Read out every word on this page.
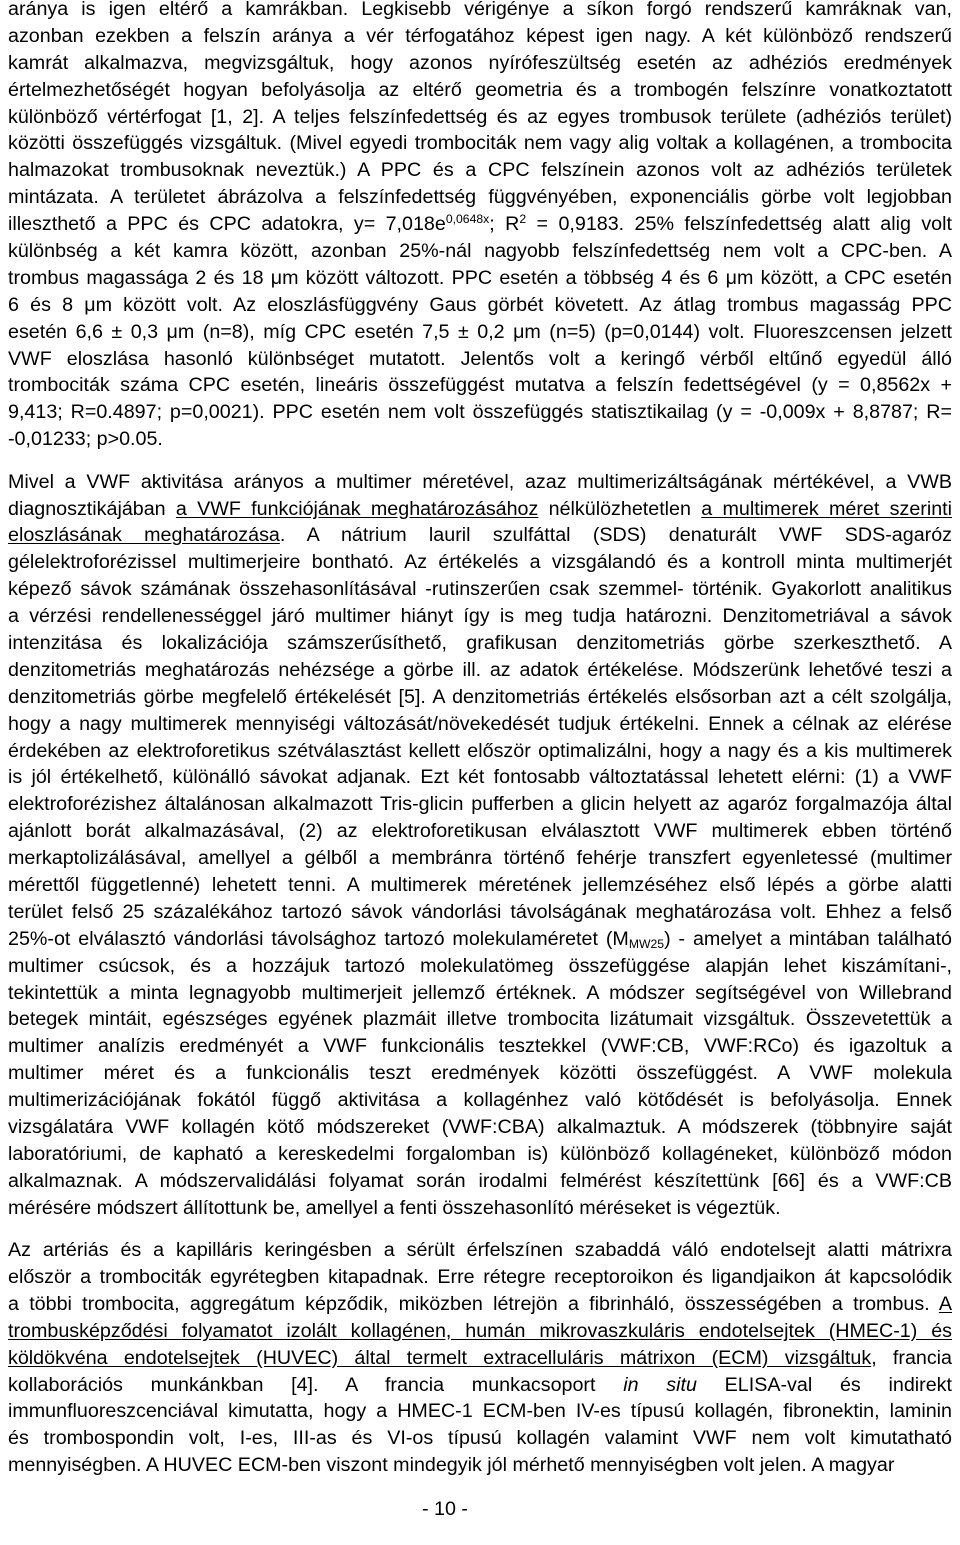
aránya is igen eltérő a kamrákban. Legkisebb vérigénye a síkon forgó rendszerű kamráknak van,
azonban ezekben a felszín aránya a vér térfogatához képest igen nagy. A két különböző rendszerű
kamrát alkalmazva, megvizsgáltuk, hogy azonos nyírófeszültség esetén az adhéziós eredmények
értelmezhetőségét hogyan befolyásolja az eltérő geometria és a trombogén felszínre vonatkoztatott
különböző vértérfogat [1, 2]. A teljes felszínfedettség és az egyes trombusok területe (adhéziós terület)
közötti összefüggés vizsgáltuk. (Mivel egyedi trombociták nem vagy alig voltak a kollagénen, a trombocita
halmazokat trombusoknak neveztük.) A PPC és a CPC felszínein azonos volt az adhéziós területek
mintázata. A területet ábrázolva a felszínfedettség függvényében, exponenciális görbe volt legjobban
illeszthető a PPC és CPC adatokra, $y= 7,018e^{0,0648x}$; $R^2 = 0,9183$. 25% felszínfedettség alatt alig volt
különbség a két kamra között, azonban 25%-nál nagyobb felszínfedettség nem volt a CPC-ben. A
trombus magassága 2 és 18 μm között változott. PPC esetén a többség 4 és 6 μm között, a CPC esetén
6 és 8 μm között volt. Az eloszlásfüggvény Gaus görbét követett. Az átlag trombus magasság PPC
esetén 6,6 ± 0,3 μm (n=8), míg CPC esetén 7,5 ± 0,2 μm (n=5) (p=0,0144) volt. Fluoreszcensen jelzett
VWF eloszlása hasonló különbséget mutatott. Jelentős volt a keringő vérből eltűnő egyedül álló
trombociták száma CPC esetén, lineáris összefüggést mutatva a felszín fedettségével (y = 0,8562x +
9,413; R=0.4897; p=0,0021). PPC esetén nem volt összefüggés statisztikailag (y = -0,009x + 8,8787; R=
-0,01233; p>0.05.
Mivel a VWF aktivitása arányos a multimer méretével, azaz multimerizáltságának mértékével, a VWB
diagnosztikájában a VWF funkciójának meghatározásához nélkülözhetetlen a multimerek méret szerinti
eloszlásának meghatározása. A nátrium lauril szulfáttal (SDS) denaturált VWF SDS-agaróz
gélelektroforézissel multimerjeire bontható. Az értékelés a vizsgálandó és a kontroll minta multimerjét
képező sávok számának összehasonlításával -rutinszerűen csak szemmel- történik. Gyakorlott analitikus
a vérzési rendellenességgel járó multimer hiányt így is meg tudja határozni. Denzitometriával a sávok
intenzitása és lokalizációja számszerűsíthető, grafikusan denzitometriás görbe szerkeszthető. A
denzitometriás meghatározás nehézsége a görbe ill. az adatok értékelése. Módszerünk lehetővé teszi a
denzitometriás görbe megfelelő értékelését [5]. A denzitometriás értékelés elsősorban azt a célt szolgálja,
hogy a nagy multimerek mennyiségi változását/növekedését tudjuk értékelni. Ennek a célnak az elérése
érdekében az elektroforetikus szétválasztást kellett először optimalizálni, hogy a nagy és a kis multimerek
is jól értékelhető, különálló sávokat adjanak. Ezt két fontosabb változtatással lehetett elérni: (1) a VWF
elektroforézishez általánosan alkalmazott Tris-glicin pufferben a glicin helyett az agaróz forgalmazója által
ajánlott borát alkalmazásával, (2) az elektroforetikusan elválasztott VWF multimerek ebben történő
merkaptolizálásával, amellyel a gélből a membránra történő fehérje transzfert egyenletessé (multimer
mérettől függetlenné) lehetett tenni. A multimerek méretének jellemzéséhez első lépés a görbe alatti
terület felső 25 százalékához tartozó sávok vándorlási távolságának meghatározása volt. Ehhez a felső
25%-ot elválasztó vándorlási távolsághoz tartozó molekulaméretet (MMW25) - amelyet a mintában található
multimer csúcsok, és a hozzájuk tartozó molekulatömeg összefüggése alapján lehet kiszámítani-,
tekintettük a minta legnagyobb multimerjeit jellemző értéknek. A módszer segítségével von Willebrand
betegek mintáit, egészséges egyének plazmáit illetve trombocita lizátumait vizsgáltuk. Összevetettük a
multimer analízis eredményét a VWF funkcionális tesztekkel (VWF:CB, VWF:RCo) és igazoltuk a
multimer méret és a funkcionális teszt eredmények közötti összefüggést. A VWF molekula
multimerizációjának fokától függő aktivitása a kollagénhez való kötődését is befolyásolja. Ennek
vizsgálatára VWF kollagén kötő módszereket (VWF:CBA) alkalmaztuk. A módszerek (többnyire saját
laboratóriumi, de kapható a kereskedelmi forgalomban is) különböző kollagéneket, különböző módon
alkalmaznak. A módszervalidálási folyamat során irodalmi felmérést készítettünk [66] és a VWF:CB
mérésére módszert állítottunk be, amellyel a fenti összehasonlító méréseket is végeztük.
Az artériás és a kapilláris keringésben a sérült érfelszínen szabaddá váló endotelsejt alatti mátrixra
először a trombociták egyrétegben kitapadnak. Erre rétegre receptoroikon és ligandjaikon át kapcsolódik
a többi trombocita, aggregátum képződik, miközben létrejön a fibrinháló, összességében a trombus. A
trombusképződési folyamatot izolált kollagénen, humán mikrovaszkuláris endotelsejtek (HMEC-1) és
köldökvéna endotelsejtek (HUVEC) által termelt extracelluláris mátrixon (ECM) vizsgáltuk, francia
kollaborációs munkánkban [4]. A francia munkacsoport in situ ELISA-val és indirekt
immunfluoreszcenciával kimutatta, hogy a HMEC-1 ECM-ben IV-es típusú kollagén, fibronektin, laminin
és trombospondin volt, I-es, III-as és VI-os típusú kollagén valamint VWF nem volt kimutatható
mennyiségben. A HUVEC ECM-ben viszont mindegyik jól mérhető mennyiségben volt jelen. A magyar
- 10 -
